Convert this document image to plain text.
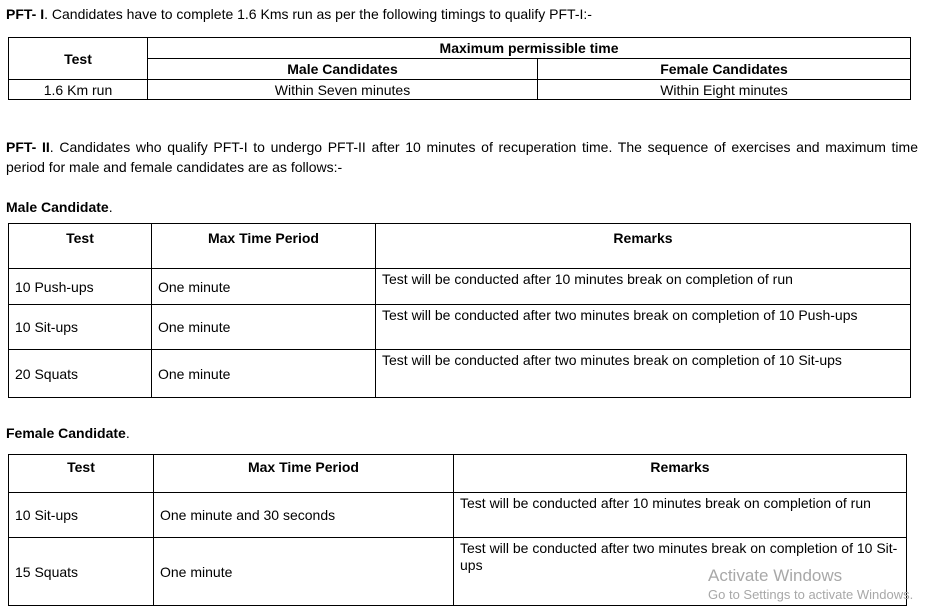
PFT- I. Candidates have to complete 1.6 Kms run as per the following timings to qualify PFT-I:-

Test	Maximum permissible time	
	Male Candidates	Female Candidates
1.6 Km run	Within Seven minutes	Within Eight minutes

PFT- II. Candidates who qualify PFT-I to undergo PFT-II after 10 minutes of recuperation time. The sequence of exercises and maximum time period for male and female candidates are as follows:-

Male Candidate.

Test	Max Time Period	Remarks
10 Push-ups	One minute	Test will be conducted after 10 minutes break on completion of run
10 Sit-ups	One minute	Test will be conducted after two minutes break on completion of 10 Push-ups
20 Squats	One minute	Test will be conducted after two minutes break on completion of 10 Sit-ups

Female Candidate.

Test	Max Time Period	Remarks
10 Sit-ups	One minute and 30 seconds	Test will be conducted after 10 minutes break on completion of run
15 Squats	One minute	Test will be conducted after two minutes break on completion of 10 Sit-ups
Activate Windows
Go to Settings to activate Windows.
